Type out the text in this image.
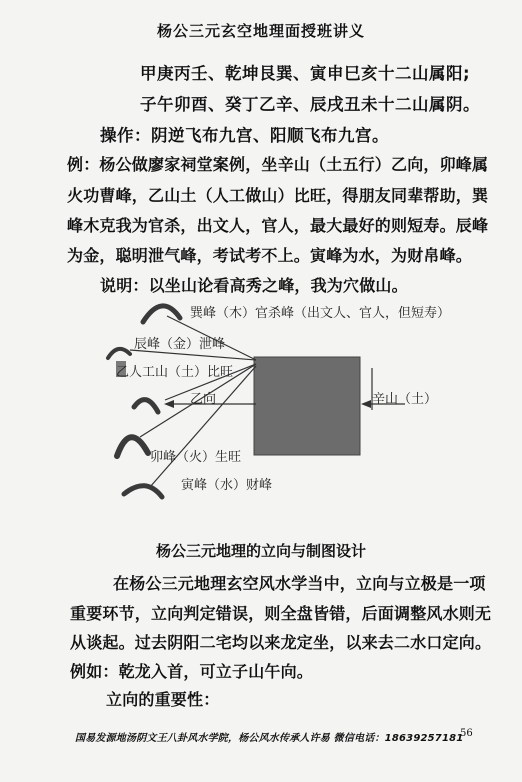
杨公三元玄空地理面授班讲义
甲庚丙壬、乾坤艮巽、寅申巳亥十二山属阳;
子午卯酉、癸丁乙辛、辰戌丑未十二山属阴。
操作：阴逆飞布九宫、阳顺飞布九宫。
例：杨公做廖家祠堂案例，坐辛山（土五行）乙向，卯峰属
火功曹峰，乙山土（人工做山）比旺，得朋友同辈帮助，巽
峰木克我为官杀，出文人，官人，最大最好的则短寿。辰峰
为金，聪明泄气峰，考试考不上。寅峰为水，为财帛峰。
说明：以坐山论看高秀之峰，我为穴做山。
巽峰（木）官杀峰（出文人、官人，但短寿）
辰峰（金）泄峰
乙人工山（土）比旺
乙向	辛山（土）
卯峰（火）生旺
寅峰（水）财峰
杨公三元地理的立向与制图设计
在杨公三元地理玄空风水学当中，立向与立极是一项
重要环节，立向判定错误，则全盘皆错，后面调整风水则无
从谈起。过去阴阳二宅均以来龙定坐，以来去二水口定向。
例如：乾龙入首，可立子山午向。
立向的重要性：
国易发源地汤阴文王八卦风水学院，杨公风水传承人许易 微信电话：18639257181
56
